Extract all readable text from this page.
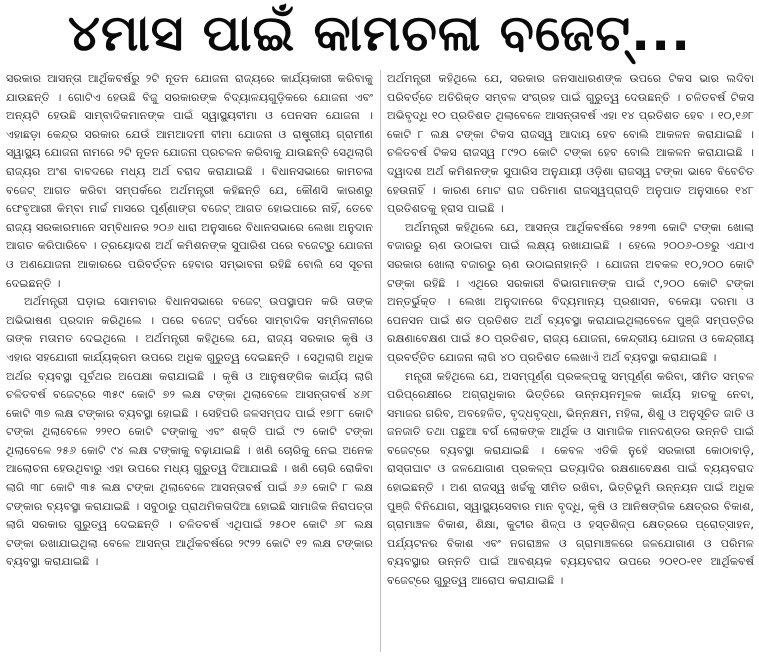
୪ମାସ ପାଇଁ କାମଚଳା ବଜେଟ୍...

ସରକାର ଆସନ୍ତା ଆର୍ଥିକବର୍ଷରୁ ୨ଟି ନୂତନ ଯୋଜନା ରାଜ୍ୟରେ କାର୍ଯ୍ୟକାରୀ କରିବାକୁ ଯାଉଛନ୍ତି । ଗୋଟିଏ ହେଉଛି ବିଜୁ ସରକାରଙ୍କ ବିଦ୍ୟାଳୟଗୁଡ଼ିକରେ ଯୋଜନା ଏବଂ ଅନ୍ୟଟି ହେଉଛି ସାମ୍ବାଦିକମାନଙ୍କ ପାଇଁ ସ୍ୱାସ୍ଥ୍ୟବୀମା ଓ ପେନସନ ଯୋଜନା । ଏହାଛଡ଼ା କେନ୍ଦ୍ର ସରକାର ଯେଉଁ ଆମଆଦମୀ ବୀମା ଯୋଜନା ଓ ରାଷ୍ଟ୍ରୀୟ ଗ୍ରାମୀଣ ସ୍ୱାସ୍ଥ୍ୟ ଯୋଜନା ନାମରେ ୨ଟି ନୂତନ ଯୋଜନା ପ୍ରଚଳନ କରିବାକୁ ଯାଉଛନ୍ତି ସେଥିଲାଗି ରାଜ୍ୟର ଅଂଶ ବାବଦରେ ମଧ୍ୟ ଅର୍ଥ ବରାଦ କରାଯାଇଛି । ବିଧାନସଭାରେ କାମଚଳା ବଜେଟ୍ ଆଗତ କରିବା ସମ୍ପର୍କରେ ଅର୍ଥମନ୍ତ୍ରୀ କହିଛନ୍ତି ଯେ, କୌଣସି କାରଣରୁ ଫେବୃଆରୀ କିମ୍ବା ମାର୍ଚ୍ଚ ମାସରେ ପୂର୍ଣ୍ଣାଙ୍ଗ ବଜେଟ୍ ଆଗତ ହୋଇପାରେ ନାହିଁ, ତେବେ ରାଜ୍ୟ ସରକାରମାନେ ସମ୍ବିଧାନର ୨୦୬ ଧାରା ଅନୁସାରେ ବିଧାନସଭାରେ ଲେଖା ଅନୁଦାନ ଆଗତ କରିପାରିବେ । ତ୍ରୟୋଦଶ ଅର୍ଥ କମିଶନଙ୍କ ସୁପାରିଶ ପରେ ବଜେଟ୍‌ରୁ ଯୋଜନା ଓ ଅଣଯୋଜନା ଆକାରରେ ପରିବର୍ତ୍ତନ ହେବାର ସମ୍ଭାବନା ରହିଛି ବୋଲି ସେ ସୂଚନା ଦେଇଛନ୍ତି ।

ଅର୍ଥମନ୍ତ୍ରୀ ଘଡ଼ାଇ ସୋମବାର ବିଧାନସଭାରେ ବଜେଟ୍ ଉପସ୍ଥାପନ କରି ତାଙ୍କ ଅଭିଭାଷଣ ପ୍ରଦାନ କରିଥିଲେ । ପରେ ବଜେଟ୍ ପର୍ବରେ ସାମ୍ବାଦିକ ସମ୍ମିଳନୀରେ ତାଙ୍କ ମତାମତ ଦେଇଥିଲେ । ଅର୍ଥମନ୍ତ୍ରୀ କହିଥିଲେ ଯେ, ରାଜ୍ୟ ସରକାର କୃଷି ଓ ଏହାର ସହଯୋଗୀ କାର୍ଯ୍ୟକ୍ରମ ଉପରେ ଅଧିକ ଗୁରୁତ୍ୱ ଦେଇଛନ୍ତି । ସେଥିଲାଗି ଅଧିକ ଅର୍ଥର ବ୍ୟବସ୍ଥା ପୂର୍ବଥର ଅପେକ୍ଷା କରାଯାଇଛି । କୃଷି ଓ ଆନୁଷଙ୍ଗିକ କାର୍ଯ୍ୟ ଲାଗି ଚଳିତବର୍ଷ ବଜେଟ୍‌ରେ ୩୫୯ କୋଟି ୭୨ ଲକ୍ଷ ଟଙ୍କା ଥିଲାବେଳେ ଆସନ୍ତାବର୍ଷ ୪୬୮ କୋଟି ୩୭ ଲକ୍ଷ ଟଙ୍କାର ବ୍ୟବସ୍ଥା ହୋଇଛି । ସେହିପରି ଜଳସମ୍ପଦ ପାଇଁ ୧୭୮୮ କୋଟି ଟଙ୍କା ଥିଲାବେଳେ ୨୨୧୦ କୋଟି ଟଙ୍କାକୁ ଏବଂ ଶକ୍ତି ପାଇଁ ୯୨ କୋଟି ଟଙ୍କା ଥିଲାବେଳେ ୨୫୬ କୋଟି ୯୪ ଲକ୍ଷ ଟଙ୍କାକୁ ବଢ଼ାଯାଇଛି । ଖଣି ଚୋରିକୁ ନେଇ ଅନେକ ଆଲୋଚନା ହେଉଥିବାରୁ ଏହା ଉପରେ ମଧ୍ୟ ଗୁରୁତ୍ୱ ଦିଆଯାଇଛି । ଖଣି ଚୋରି ରୋକିବା ଲାଗି ୩୮ କୋଟି ୩୫ ଲକ୍ଷ ଟଙ୍କା ଥିଲାବେଳେ ଆସନ୍ତାବର୍ଷ ପାଇଁ ୬୬ କୋଟି ୮ ଲକ୍ଷ ଟଙ୍କାର ବ୍ୟବସ୍ଥା କରାଯାଇଛି । ସବୁଠାରୁ ପ୍ରାଥମିକତାଦିଆ ହୋଇଛି ସାମାଜିକ ନିରାପତ୍ତା ଲାଗି ସରକାର ଗୁରୁତ୍ୱ ଦେଇଛନ୍ତି । ଚଳିତବର୍ଷ ଏଥିପାଇଁ ୨୫୦୧ କୋଟି ୬୮ ଲକ୍ଷ ଟଙ୍କା ରଖାଯାଇଥିଲା ବେଳେ ଆସନ୍ତା ଆର୍ଥିକବର୍ଷରେ ୨୯୨୨ କୋଟି ୧୨ ଲକ୍ଷ ଟଙ୍କାର ବ୍ୟବସ୍ଥା କରାଯାଇଛି ।

ଅର୍ଥମନ୍ତ୍ରୀ କହିଥିଲେ ଯେ, ସରକାର ଜନସାଧାରଣଙ୍କ ଉପରେ ଟିକସ ଭାର ଲଦିବା ପରିବର୍ତ୍ତେ ଅତିରିକ୍ତ ସମ୍ବଳ ସଂଗ୍ରହ ପାଇଁ ଗୁରୁତ୍ୱ ଦେଉଛନ୍ତି । ଚଳିତବର୍ଷ ଟିକସ ଅଭିବୃଦ୍ଧି ୧୦ ପ୍ରତିଶତ ଥିଲାବେଳେ ଆସନ୍ତାବର୍ଷ ଏହା ୧୪ ପ୍ରତିଶତ ହେବ । ୧୦,୧୬୮ କୋଟି ୮ ଲକ୍ଷ ଟଙ୍କା ଟିକସ ରାଜସ୍ୱ ଆଦାୟ ହେବ ବୋଲି ଆକଳନ କରାଯାଇଛି । ଚଳିତବର୍ଷ ଟିକସ ରାଜସ୍ୱ ୮୯୨୦ କୋଟି ଟଙ୍କା ହେବ ବୋଲି ଆକଳନ କରାଯାଇଛି । ଦ୍ୱାଦଶ ଅର୍ଥ କମିଶନଙ୍କ ସୁପାରିସ ଅନୁଯାୟୀ ଓଡ଼ିଶା ରାଜସ୍ୱ ଟଙ୍କା ଭାବେ ବିବେଚିତ ହେଉନାହିଁ । କାରଣ ମୋଟ ରାଜ ପରିମାଣ ରାଜସ୍ୱପ୍ରାପ୍ତି ଅନୁପାତ ଅନୁସାରେ ୧୪୮ ପ୍ରତିଶତକୁ ହ୍ରାସ ପାଇଛି ।

ଅର୍ଥମନ୍ତ୍ରୀ କହିଥିଲେ ଯେ, ଆସନ୍ତା ଆର୍ଥିକବର୍ଷରେ ୨୫୨୩ କୋଟି ଟଙ୍କା ଖୋଲା ବଜାରରୁ ଋଣ ଉଠାଇବା ପାଇଁ ଲକ୍ଷ୍ୟ ରଖାଯାଇଛି । ହେଲେ ୨୦୦୬-୦୭ରୁ ଏଯାଏ ସରକାର ଖୋଲା ବଜାରରୁ ଋଣ ଉଠାଇନାହାନ୍ତି । ଯୋଜନା ଅବକଳ ୧୦,୨୦୦ କୋଟି ଟଙ୍କା ରହିଛି । ଏଥିରେ ସରକାରୀ ବିଭାଗମାନଙ୍କ ପାଇଁ ୯,୨୦୦ କୋଟି ଟଙ୍କା ଅନ୍ତର୍ଭୁକ୍ତ । ଲେଖା ଅନୁଦାନରେ ବିଦ୍ୟମାନ୍ୟ ପ୍ରଶାସନ, ବକେୟା ଦରମା ଓ ପେନସନ ପାଇଁ ଶତ ପ୍ରତିଶତ ଅର୍ଥ ବ୍ୟବସ୍ଥା କରାଯାଇଥିଲାବେଳେ ପୁଞ୍ଜି ସମ୍ପତ୍ତିର ରକ୍ଷଣାବେକ୍ଷଣ ପାଇଁ ୫୦ ପ୍ରତିଶତ, ରାଜ୍ୟ ଯୋଜନା, କେନ୍ଦ୍ରୀୟ ଯୋଜନା ଓ କେନ୍ଦ୍ରୀୟ ପ୍ରବର୍ତ୍ତିତ ଯୋଜନା ଲାଗି ୪୦ ପ୍ରତିଶତ ଲେଖାଏଁ ଅର୍ଥ ବ୍ୟବସ୍ଥା କରାଯାଇଛି ।

ମନ୍ତ୍ରୀ କହିଥିଲେ ଯେ, ଅସମ୍ପୂର୍ଣ୍ଣ ପ୍ରକଳ୍ପକୁ ସମ୍ପୂର୍ଣ୍ଣ କରିବା, ସୀମିତ ସମ୍ବଳ ପରିପ୍ରେକ୍ଷୀରେ ଅଗ୍ରାଧିକାର ଭିତ୍ତିରେ ଉନ୍ନୟନମୂଳକ କାର୍ଯ୍ୟ ହାତକୁ ନେବା, ସମାଜର ଗରିବ, ଅବହେଳିତ, ବୃଦ୍ଧବୃଦ୍ଧା, ଭିନ୍ନକ୍ଷମ, ମହିଳା, ଶିଶୁ ଓ ଅନୁସୂଚିତ ଜାତି ଓ ଜନଜାତି ତଥା ପଛୁଆ ବର୍ଗ ଲୋକଙ୍କ ଆର୍ଥିକ ଓ ସାମାଜିକ ମାନଦଣ୍ଡର ଉନ୍ନତି ପାଇଁ ବଜେଟ୍‌ରେ ବ୍ୟବସ୍ଥା କରାଯାଇଛି । କେବଳ ଏତିକି ନୁହେଁ ସରକାରୀ କୋଠାବାଡ଼ି, ରାସ୍ତାଘାଟ ଓ ଜଳଯୋଗାଣ ପ୍ରକଳ୍ପ ଇତ୍ୟାଦିର ରକ୍ଷଣାବେକ୍ଷଣ ପାଇଁ ବ୍ୟୟବରାଦ ହୋଇଛନ୍ତି । ଅଣ ରାଜସ୍ୱ ଖର୍ଚ୍ଚକୁ ସୀମିତ ରଖିବା, ଭିତ୍ତିଭୂମି ଉନ୍ନୟନ ପାଇଁ ଅଧିକ ପୁଞ୍ଜି ବିନିଯୋଗ, ସ୍ୱାସ୍ଥ୍ୟସେବାର ମାନ ବୃଦ୍ଧି, କୃଷି ଓ ଆନିଷଙ୍ଗିକ କ୍ଷେତ୍ରର ବିକାଶ, ଗ୍ରାମାଞ୍ଚଳ ବିକାଶ, ଶିକ୍ଷା, କୁଟୀର ଶିଳ୍ପ ଓ ହସ୍ତଶିଳ୍ପ କ୍ଷେତ୍ରରେ ପ୍ରୋତ୍ସାହନ, ପର୍ଯ୍ୟଟନର ବିକାଶ ଏବଂ ନଗରାଞ୍ଚଳ ଓ ଗ୍ରାମାଞ୍ଚଳରେ ଜଳଯୋଗାଣ ଓ ପରିମଳ ବ୍ୟବସ୍ଥାର ଉନ୍ନତି ପାଇଁ ଆବଶ୍ୟକ ବ୍ୟୟବରାଦ ଉପରେ ୨୦୧୦-୧୧ ଆର୍ଥିକବର୍ଷ ବଜେଟ୍‌ରେ ଗୁରୁତ୍ୱ ଆରୋପ କରାଯାଇଛି ।
